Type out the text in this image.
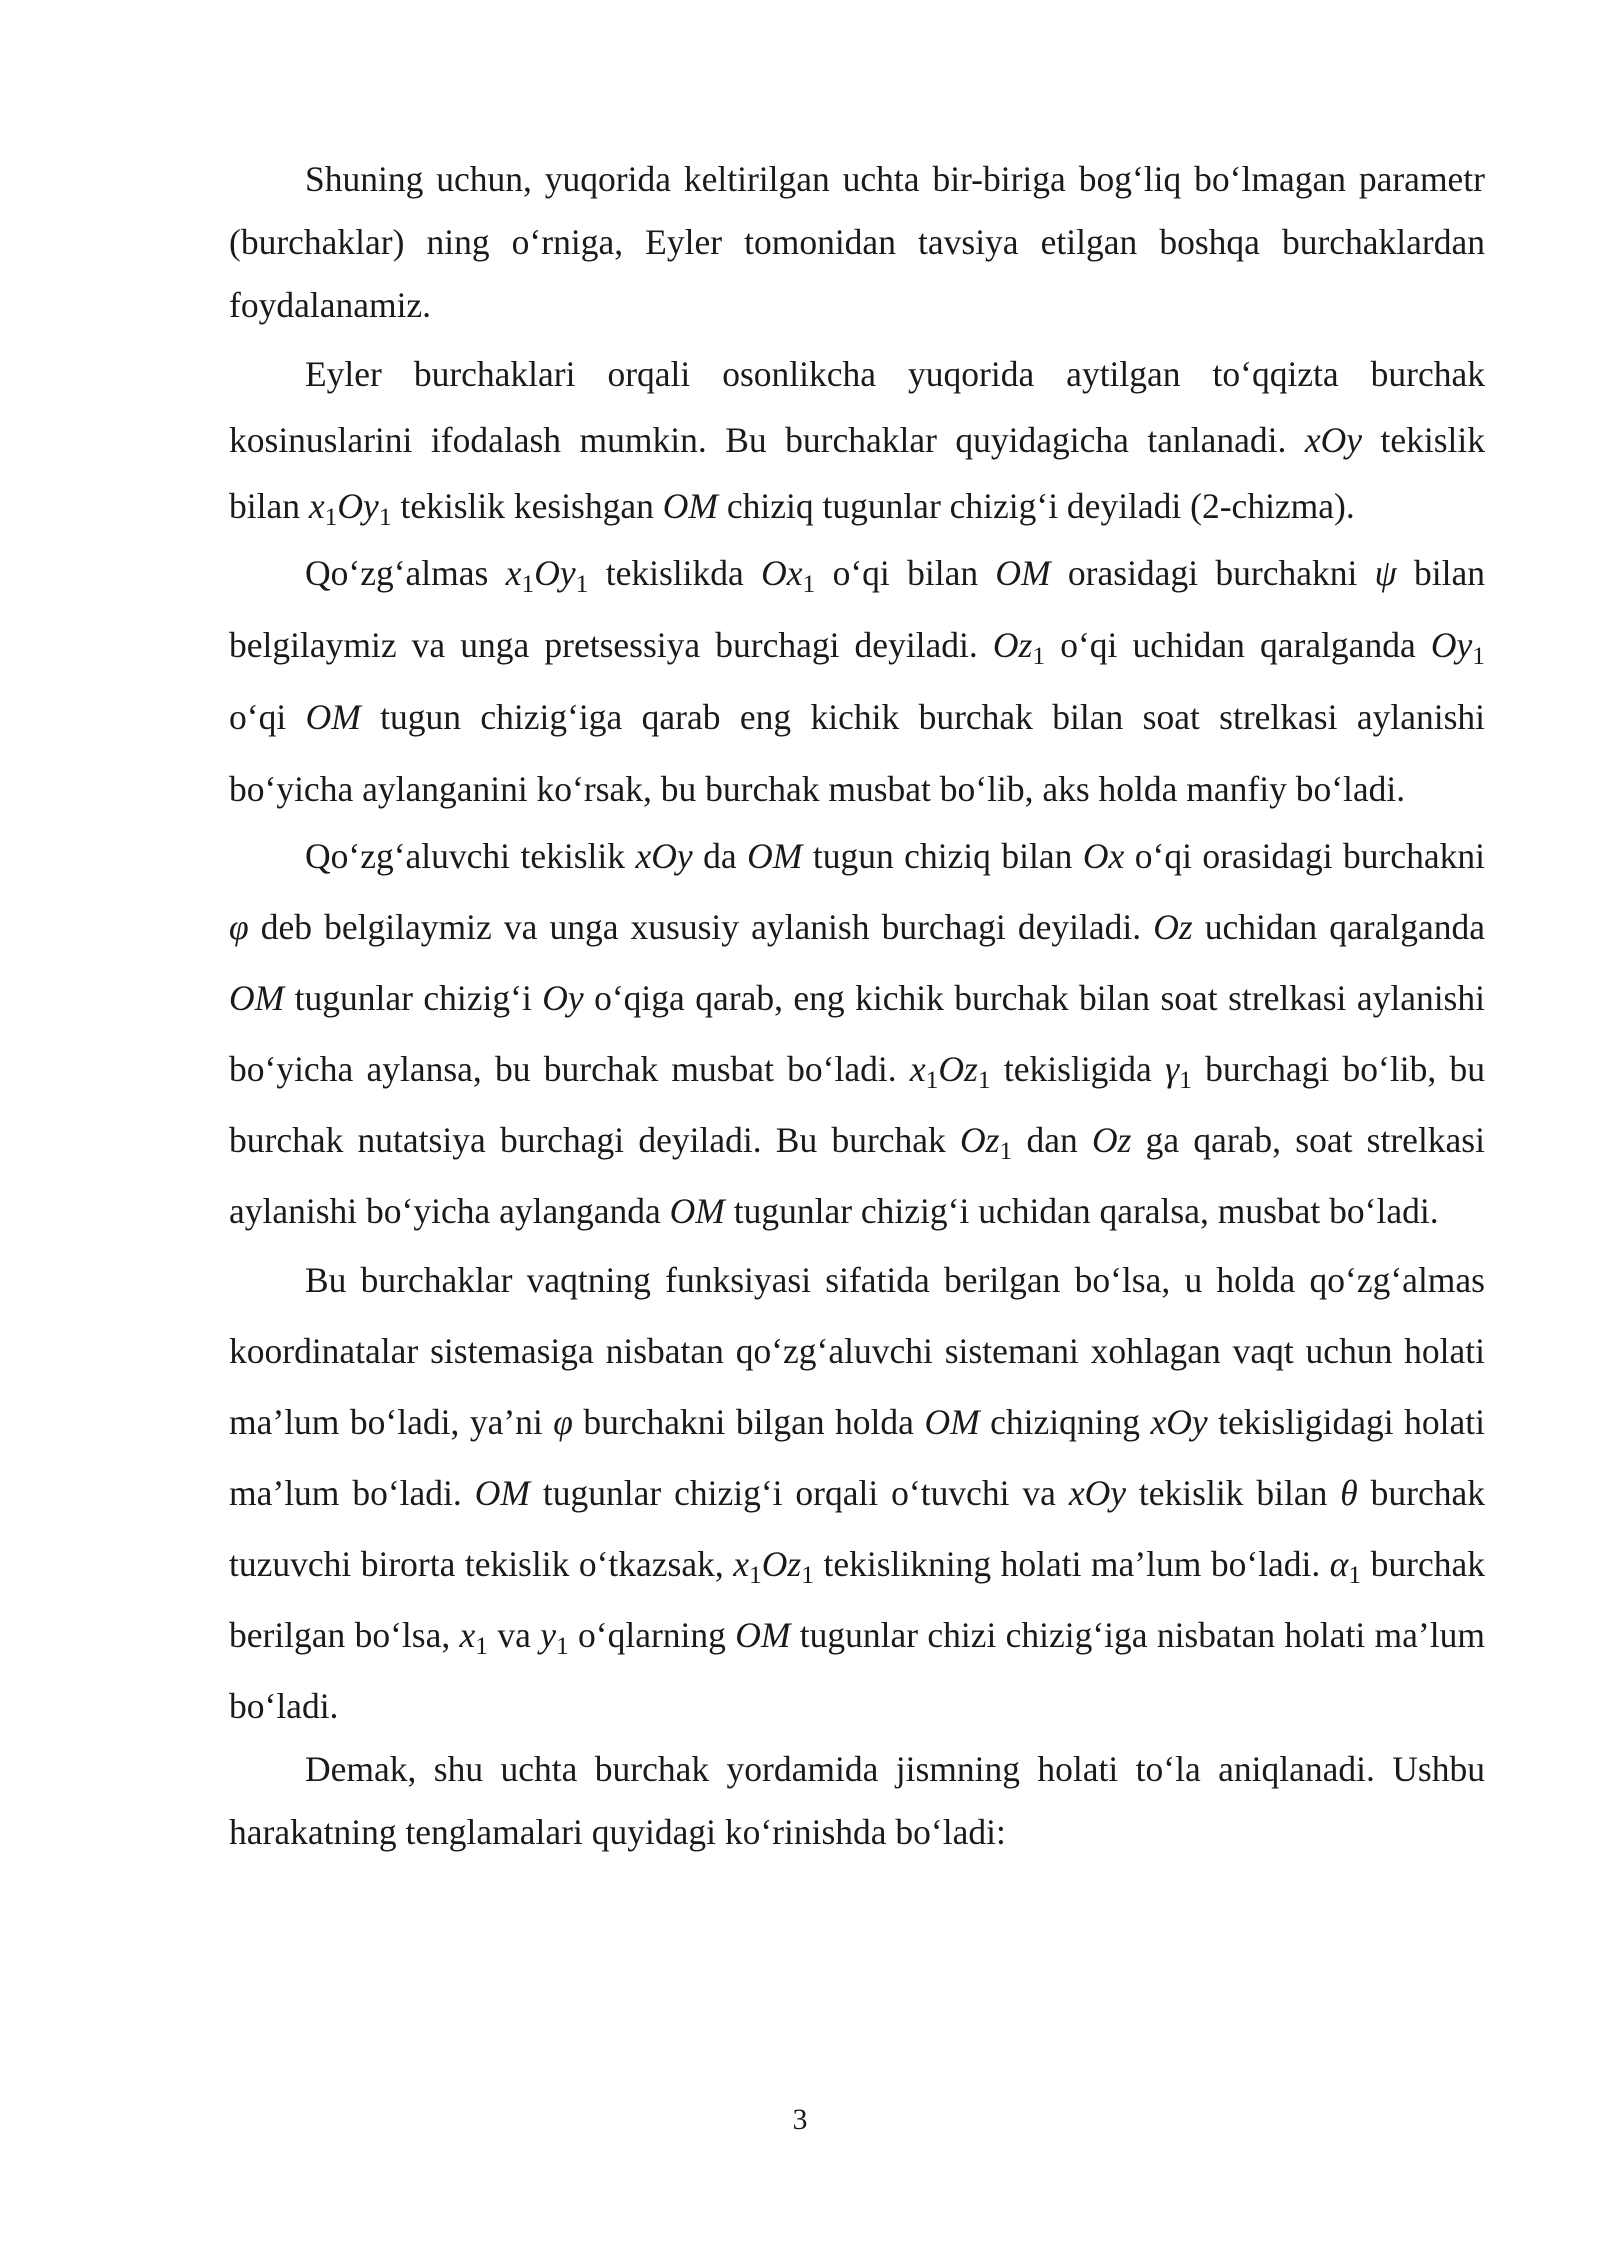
Shuning uchun, yuqorida keltirilgan uchta bir-biriga bog‘liq bo‘lmagan parametr (burchaklar) ning o‘rniga, Eyler tomonidan tavsiya etilgan boshqa burchaklardan foydalanamiz.

Eyler burchaklari orqali osonlikcha yuqorida aytilgan to‘qqizta burchak kosinuslarini ifodalash mumkin. Bu burchaklar quyidagicha tanlanadi. xOy tekislik bilan $x_1Oy_1$ tekislik kesishgan OM chiziq tugunlar chizig‘i deyiladi (2-chizma).

Qo‘zg‘almas $x_1Oy_1$ tekislikda $Ox_1$ o‘qi bilan OM orasidagi burchakni ψ bilan belgilaymiz va unga pretsessiya burchagi deyiladi. $Oz_1$ o‘qi uchidan qaralganda $Oy_1$ o‘qi OM tugun chizig‘iga qarab eng kichik burchak bilan soat strelkasi aylanishi bo‘yicha aylanganini ko‘rsak, bu burchak musbat bo‘lib, aks holda manfiy bo‘ladi.

Qo‘zg‘aluvchi tekislik xOy da OM tugun chiziq bilan Ox o‘qi orasidagi burchakni φ deb belgilaymiz va unga xususiy aylanish burchagi deyiladi. Oz uchidan qaralganda OM tugunlar chizig‘i Oy o‘qiga qarab, eng kichik burchak bilan soat strelkasi aylanishi bo‘yicha aylansa, bu burchak musbat bo‘ladi. $x_1Oz_1$ tekisligida $\gamma_1$ burchagi bo‘lib, bu burchak nutatsiya burchagi deyiladi. Bu burchak $Oz_1$ dan Oz ga qarab, soat strelkasi aylanishi bo‘yicha aylanganda OM tugunlar chizig‘i uchidan qaralsa, musbat bo‘ladi.

Bu burchaklar vaqtning funksiyasi sifatida berilgan bo‘lsa, u holda qo‘zg‘almas koordinatalar sistemasiga nisbatan qo‘zg‘aluvchi sistemani xohlagan vaqt uchun holati ma’lum bo‘ladi, ya’ni φ burchakni bilgan holda OM chiziqning xOy tekisligidagi holati ma’lum bo‘ladi. OM tugunlar chizig‘i orqali o‘tuvchi va xOy tekislik bilan θ burchak tuzuvchi birorta tekislik o‘tkazsak, $x_1Oz_1$ tekislikning holati ma’lum bo‘ladi. $\alpha_1$ burchak berilgan bo‘lsa, $x_1$ va $y_1$ o‘qlarning OM tugunlar chizi chizig‘iga nisbatan holati ma’lum bo‘ladi.

Demak, shu uchta burchak yordamida jismning holati to‘la aniqlanadi. Ushbu harakatning tenglamalari quyidagi ko‘rinishda bo‘ladi:

3
